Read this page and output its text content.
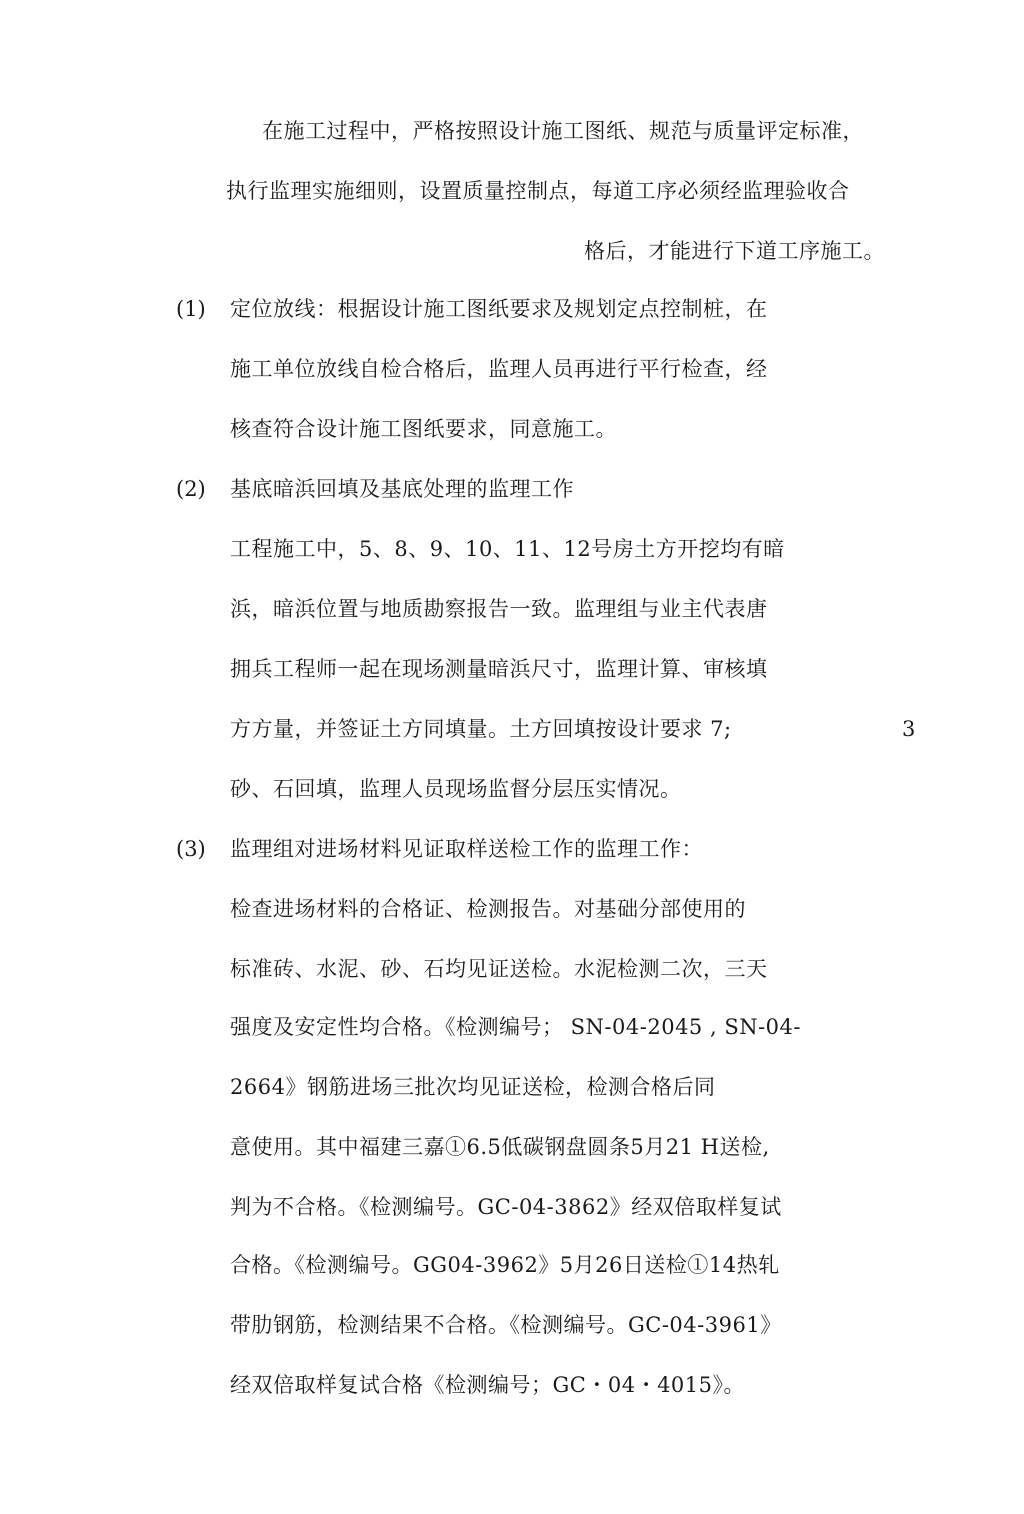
在施工过程中，严格按照设计施工图纸、规范与质量评定标准，
执行监理实施细则，设置质量控制点，每道工序必须经监理验收合
格后，才能进行下道工序施工。
(1) 定位放线：根据设计施工图纸要求及规划定点控制桩，在
施工单位放线自检合格后，监理人员再进行平行检查，经
核查符合设计施工图纸要求，同意施工。
(2) 基底暗浜回填及基底处理的监理工作
工程施工中，5、8、9、10、11、12号房土方开挖均有暗
浜，暗浜位置与地质勘察报告一致。监理组与业主代表唐
拥兵工程师一起在现场测量暗浜尺寸，监理计算、审核填
方方量，并签证土方同填量。土方回填按设计要求 7;
砂、石回填，监理人员现场监督分层压实情况。
3
(3) 监理组对进场材料见证取样送检工作的监理工作：
检查进场材料的合格证、检测报告。对基础分部使用的
标准砖、水泥、砂、石均见证送检。水泥检测二次，三天
强度及安定性均合格。《检测编号； SN-04-2045 , SN-04-
2664》钢筋进场三批次均见证送检，检测合格后同
意使用。其中福建三嘉①6.5低碳钢盘圆条5月21 H送检,
判为不合格。《检测编号。GC-04-3862》经双倍取样复试
合格。《检测编号。GG04-3962》5月26日送检①14热轧
带肋钢筋，检测结果不合格。《检测编号。GC-04-3961》
经双倍取样复试合格《检测编号；GC・04・4015》。
